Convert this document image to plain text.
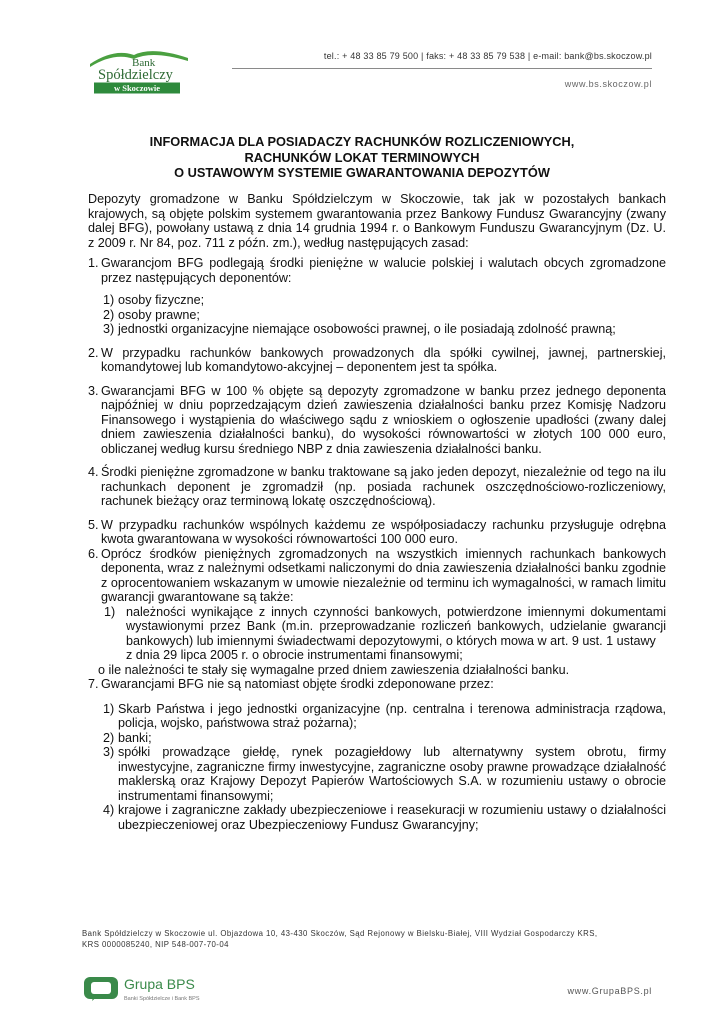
Bank
Spółdzielczy
w Skoczowie
tel.: + 48 33 85 79 500 | faks: + 48 33 85 79 538 | e-mail: bank@bs.skoczow.pl
www.bs.skoczow.pl
INFORMACJA DLA POSIADACZY RACHUNKÓW ROZLICZENIOWYCH,
RACHUNKÓW LOKAT TERMINOWYCH
O USTAWOWYM SYSTEMIE GWARANTOWANIA DEPOZYTÓW

Depozyty gromadzone w Banku Spółdzielczym w Skoczowie, tak jak w pozostałych bankach krajowych, są objęte polskim systemem gwarantowania przez Bankowy Fundusz Gwarancyjny (zwany dalej BFG), powołany ustawą z dnia 14 grudnia 1994 r. o Bankowym Funduszu Gwarancyjnym (Dz. U. z 2009 r. Nr 84, poz. 711 z późn. zm.), według następujących zasad:

1. Gwarancjom BFG podlegają środki pieniężne w walucie polskiej i walutach obcych zgromadzone przez następujących deponentów:
1) osoby fizyczne;
2) osoby prawne;
3) jednostki organizacyjne niemające osobowości prawnej, o ile posiadają zdolność prawną;
2. W przypadku rachunków bankowych prowadzonych dla spółki cywilnej, jawnej, partnerskiej, komandytowej lub komandytowo-akcyjnej – deponentem jest ta spółka.
3. Gwarancjami BFG w 100 % objęte są depozyty zgromadzone w banku przez jednego deponenta najpóźniej w dniu poprzedzającym dzień zawieszenia działalności banku przez Komisję Nadzoru Finansowego i wystąpienia do właściwego sądu z wnioskiem o ogłoszenie upadłości (zwany dalej dniem zawieszenia działalności banku), do wysokości równowartości w złotych 100 000 euro, obliczanej według kursu średniego NBP z dnia zawieszenia działalności banku.
4. Środki pieniężne zgromadzone w banku traktowane są jako jeden depozyt, niezależnie od tego na ilu rachunkach deponent je zgromadził (np. posiada rachunek oszczędnościowo-rozliczeniowy, rachunek bieżący oraz terminową lokatę oszczędnościową).
5. W przypadku rachunków wspólnych każdemu ze współposiadaczy rachunku przysługuje odrębna kwota gwarantowana w wysokości równowartości 100 000 euro.
6. Oprócz środków pieniężnych zgromadzonych na wszystkich imiennych rachunkach bankowych deponenta, wraz z należnymi odsetkami naliczonymi do dnia zawieszenia działalności banku zgodnie z oprocentowaniem wskazanym w umowie niezależnie od terminu ich wymagalności, w ramach limitu gwarancji gwarantowane są także:
1) należności wynikające z innych czynności bankowych, potwierdzone imiennymi dokumentami wystawionymi przez Bank (m.in. przeprowadzanie rozliczeń bankowych, udzielanie gwarancji bankowych) lub imiennymi świadectwami depozytowymi, o których mowa w art. 9 ust. 1 ustawy
z dnia 29 lipca 2005 r. o obrocie instrumentami finansowymi;
o ile należności te stały się wymagalne przed dniem zawieszenia działalności banku.
7. Gwarancjami BFG nie są natomiast objęte środki zdeponowane przez:
1) Skarb Państwa i jego jednostki organizacyjne (np. centralna i terenowa administracja rządowa, policja, wojsko, państwowa straż pożarna);
2) banki;
3) spółki prowadzące giełdę, rynek pozagiełdowy lub alternatywny system obrotu, firmy inwestycyjne, zagraniczne firmy inwestycyjne, zagraniczne osoby prawne prowadzące działalność maklerską oraz Krajowy Depozyt Papierów Wartościowych S.A. w rozumieniu ustawy o obrocie instrumentami finansowymi;
4) krajowe i zagraniczne zakłady ubezpieczeniowe i reasekuracji w rozumieniu ustawy o działalności ubezpieczeniowej oraz Ubezpieczeniowy Fundusz Gwarancyjny;
Bank Spółdzielczy w Skoczowie ul. Objazdowa 10, 43-430 Skoczów, Sąd Rejonowy w Bielsku-Białej, VIII Wydział Gospodarczy KRS,
KRS 0000085240, NIP 548-007-70-04
Grupa BPS
Banki Spółdzielcze i Bank BPS
www.GrupaBPS.pl
